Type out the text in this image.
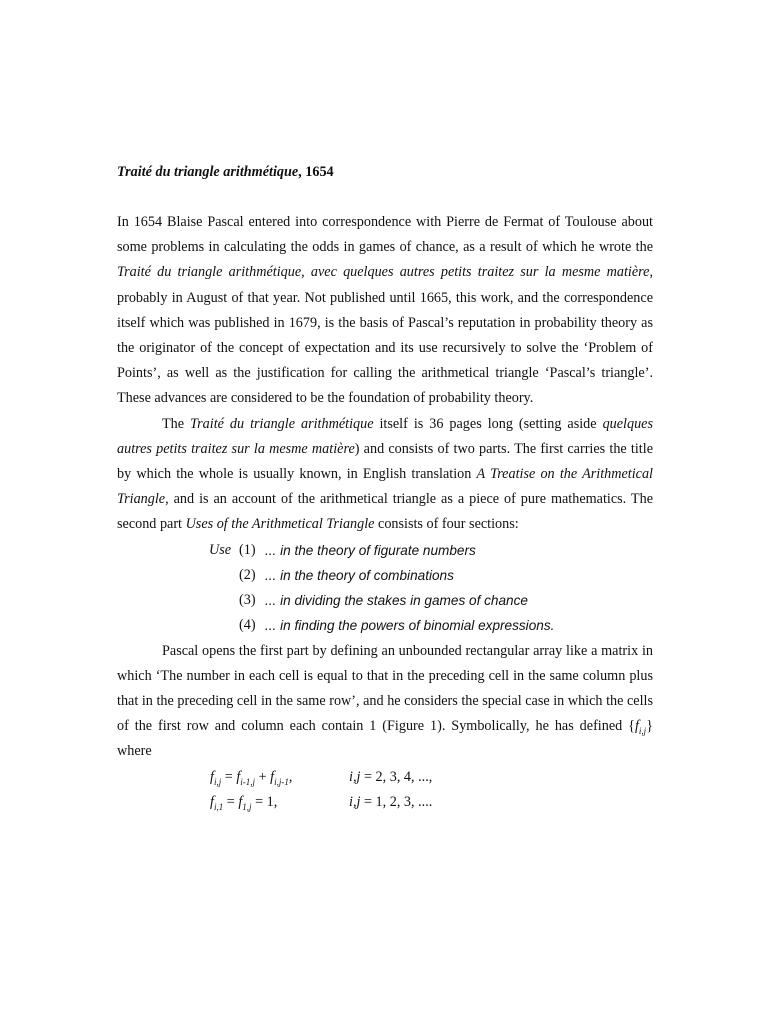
Traité du triangle arithmétique, 1654

In 1654 Blaise Pascal entered into correspondence with Pierre de Fermat of Toulouse about some problems in calculating the odds in games of chance, as a result of which he wrote the Traité du triangle arithmétique, avec quelques autres petits traitez sur la mesme matière, probably in August of that year. Not published until 1665, this work, and the correspondence itself which was published in 1679, is the basis of Pascal’s reputation in probability theory as the originator of the concept of expectation and its use recursively to solve the ‘Problem of Points’, as well as the justification for calling the arithmetical triangle ‘Pascal’s triangle’. These advances are considered to be the foundation of probability theory.

The Traité du triangle arithmétique itself is 36 pages long (setting aside quelques autres petits traitez sur la mesme matière) and consists of two parts. The first carries the title by which the whole is usually known, in English translation A Treatise on the Arithmetical Triangle, and is an account of the arithmetical triangle as a piece of pure mathematics. The second part Uses of the Arithmetical Triangle consists of four sections:

Use (1) ... in the theory of figurate numbers
(2) ... in the theory of combinations
(3) ... in dividing the stakes in games of chance
(4) ... in finding the powers of binomial expressions.

Pascal opens the first part by defining an unbounded rectangular array like a matrix in which ‘The number in each cell is equal to that in the preceding cell in the same column plus that in the preceding cell in the same row’, and he considers the special case in which the cells of the first row and column each contain 1 (Figure 1). Symbolically, he has defined $\{f_{i,j}\}$ where

$f_{i,j} = f_{i-1,j} + f_{i,j-1}$,	i,j = 2, 3, 4, ...,
$f_{i,1} = f_{1,j} = 1$,	i,j = 1, 2, 3, ....
